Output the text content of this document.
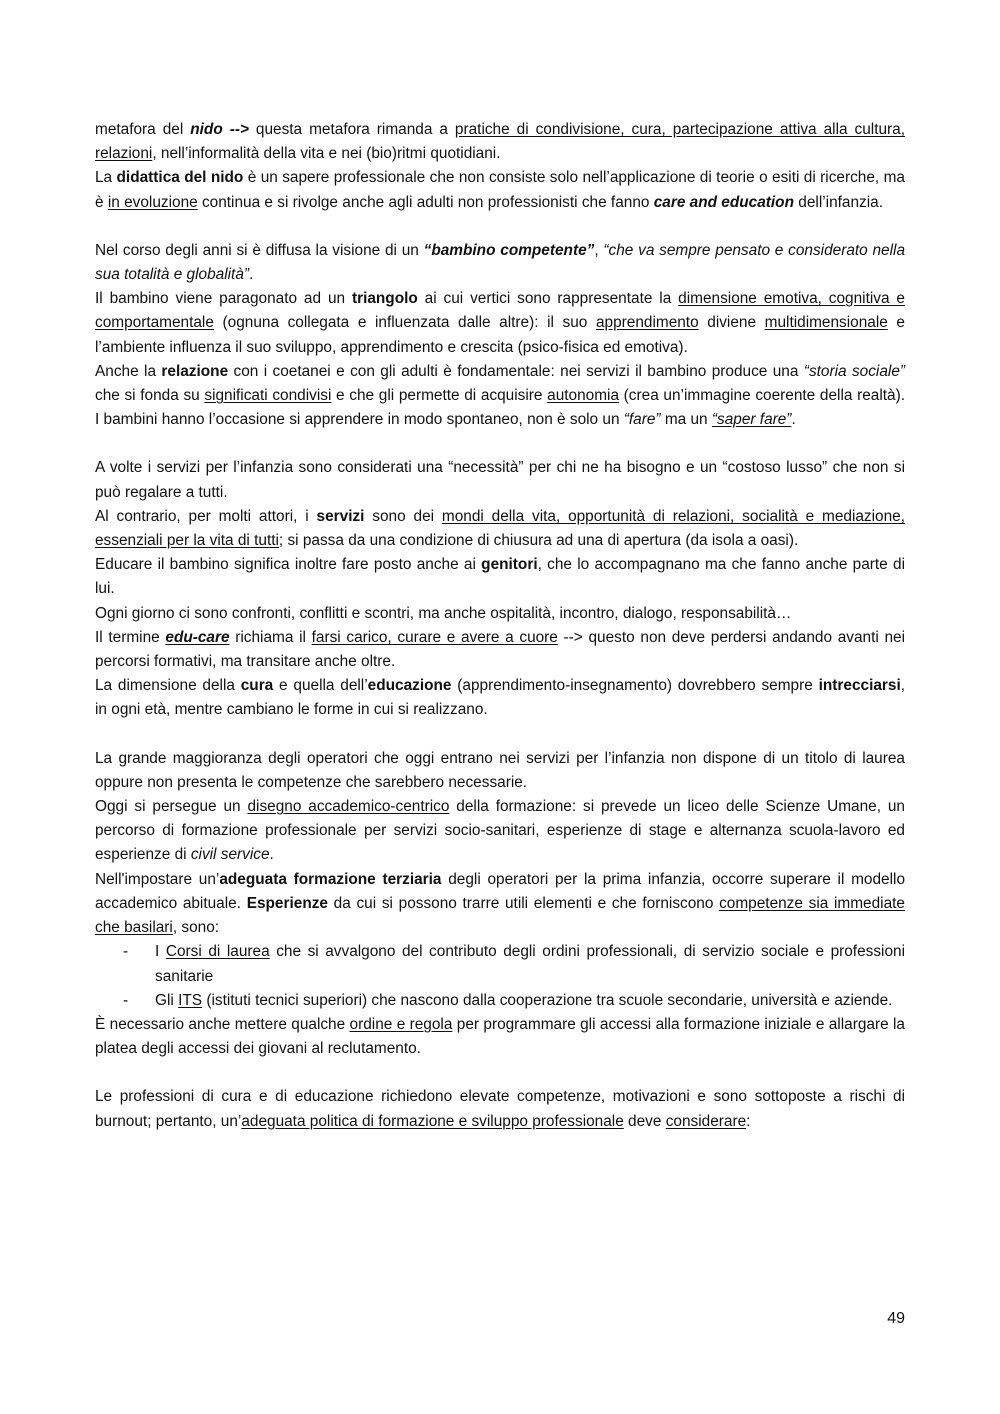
metafora del nido --> questa metafora rimanda a pratiche di condivisione, cura, partecipazione attiva alla cultura, relazioni, nell’informalità della vita e nei (bio)ritmi quotidiani.

La didattica del nido è un sapere professionale che non consiste solo nell’applicazione di teorie o esiti di ricerche, ma è in evoluzione continua e si rivolge anche agli adulti non professionisti che fanno care and education dell’infanzia.

Nel corso degli anni si è diffusa la visione di un “bambino competente”, “che va sempre pensato e considerato nella sua totalità e globalità”.

Il bambino viene paragonato ad un triangolo ai cui vertici sono rappresentate la dimensione emotiva, cognitiva e comportamentale (ognuna collegata e influenzata dalle altre): il suo apprendimento diviene multidimensionale e l’ambiente influenza il suo sviluppo, apprendimento e crescita (psico-fisica ed emotiva).

Anche la relazione con i coetanei e con gli adulti è fondamentale: nei servizi il bambino produce una “storia sociale” che si fonda su significati condivisi e che gli permette di acquisire autonomia (crea un’immagine coerente della realtà). I bambini hanno l’occasione si apprendere in modo spontaneo, non è solo un “fare” ma un “saper fare”.

A volte i servizi per l’infanzia sono considerati una “necessità” per chi ne ha bisogno e un “costoso lusso” che non si può regalare a tutti.

Al contrario, per molti attori, i servizi sono dei mondi della vita, opportunità di relazioni, socialità e mediazione, essenziali per la vita di tutti; si passa da una condizione di chiusura ad una di apertura (da isola a oasi).

Educare il bambino significa inoltre fare posto anche ai genitori, che lo accompagnano ma che fanno anche parte di lui.

Ogni giorno ci sono confronti, conflitti e scontri, ma anche ospitalità, incontro, dialogo, responsabilità…

Il termine edu-care richiama il farsi carico, curare e avere a cuore --> questo non deve perdersi andando avanti nei percorsi formativi, ma transitare anche oltre.

La dimensione della cura e quella dell’educazione (apprendimento-insegnamento) dovrebbero sempre intrecciarsi, in ogni età, mentre cambiano le forme in cui si realizzano.

La grande maggioranza degli operatori che oggi entrano nei servizi per l’infanzia non dispone di un titolo di laurea oppure non presenta le competenze che sarebbero necessarie.

Oggi si persegue un disegno accademico-centrico della formazione: si prevede un liceo delle Scienze Umane, un percorso di formazione professionale per servizi socio-sanitari, esperienze di stage e alternanza scuola-lavoro ed esperienze di civil service.

Nell'impostare un’adeguata formazione terziaria degli operatori per la prima infanzia, occorre superare il modello accademico abituale. Esperienze da cui si possono trarre utili elementi e che forniscono competenze sia immediate che basilari, sono:

- I Corsi di laurea che si avvalgono del contributo degli ordini professionali, di servizio sociale e professioni sanitarie
- Gli ITS (istituti tecnici superiori) che nascono dalla cooperazione tra scuole secondarie, università e aziende.

È necessario anche mettere qualche ordine e regola per programmare gli accessi alla formazione iniziale e allargare la platea degli accessi dei giovani al reclutamento.

Le professioni di cura e di educazione richiedono elevate competenze, motivazioni e sono sottoposte a rischi di burnout; pertanto, un’adeguata politica di formazione e sviluppo professionale deve considerare:

49
